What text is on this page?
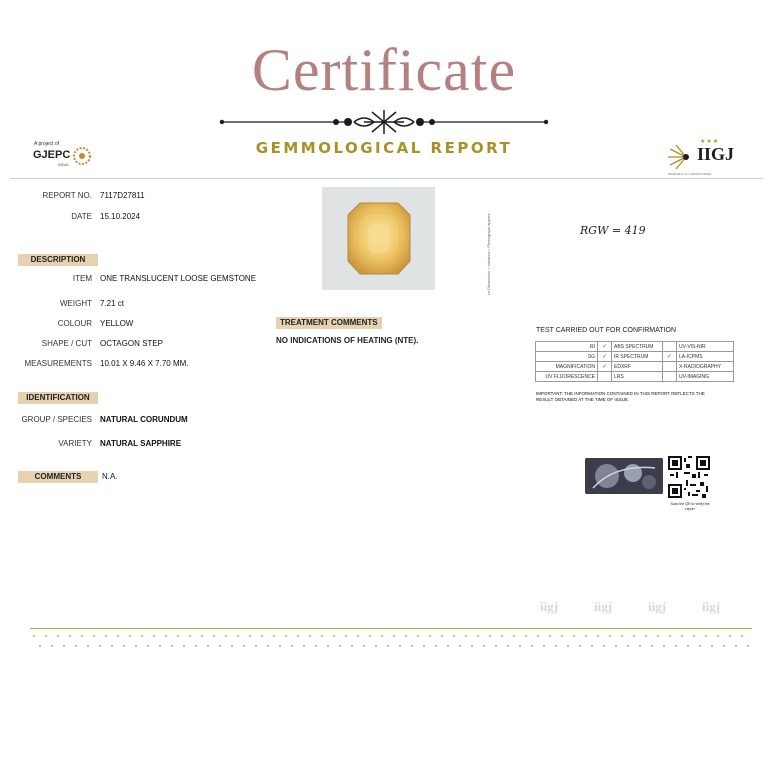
Certificate
GEMMOLOGICAL REPORT
A project of
GJEPC
INDIA
★★★
IIGJ
RESEARCH & LABORATORIES
REPORT NO. 7117D27811
DATE 15.10.2024
DESCRIPTION
ITEM ONE TRANSLUCENT LOOSE GEMSTONE
WEIGHT 7.21 ct
COLOUR YELLOW
SHAPE / CUT OCTAGON STEP
MEASUREMENTS 10.01 X 9.46 X 7.70 MM.
IDENTIFICATION
GROUP / SPECIES NATURAL CORUNDUM
VARIETY NATURAL SAPPHIRE
COMMENTS	N.A.
••• Dimension ≈ variance • Photograph approx.	RGW = 419
TREATMENT COMMENTS
NO INDICATIONS OF HEATING (NTE).
TEST CARRIED OUT FOR CONFIRMATION
RI	✓	ABS SPECTRUM		UV-VIS-NIR
SG	✓	IR SPECTRUM	✓	LA-ICPMS
MAGNIFICATION	✓	EDXRF		X-RADIOGRAPHY
UV FLUORESCENCE		LRS		UV-IMAGING
IMPORTANT: THE INFORMATION CONTAINED IN THIS REPORT REFLECTS THE RESULT OBTAINED AT THE TIME OF ISSUE.
Scan the QR to verify the report
iigj	iigj	iigj	iigj
